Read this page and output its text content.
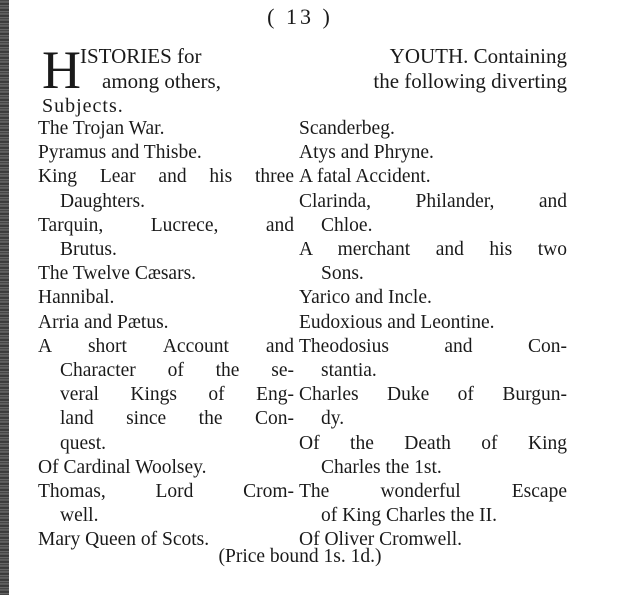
( 13 )
H ISTORIES for	YOUTH. Containing
among others,	the following diverting
Subjects.
The Trojan War.
Pyramus and Thisbe.
King Lear and his three
Daughters.
Tarquin, Lucrece, and
Brutus.
The Twelve Cæsars.
Hannibal.
Arria and Pætus.
A short Account and
Character of the se-
veral Kings of Eng-
land since the Con-
quest.
Of Cardinal Woolsey.
Thomas, Lord Crom-
well.
Mary Queen of Scots.
Scanderbeg.
Atys and Phryne.
A fatal Accident.
Clarinda, Philander, and
Chloe.
A merchant and his two
Sons.
Yarico and Incle.
Eudoxious and Leontine.
Theodosius and Con-
stantia.
Charles Duke of Burgun-
dy.
Of the Death of King
Charles the 1st.
The wonderful Escape
of King Charles the II.
Of Oliver Cromwell.
(Price bound 1s. 1d.)
